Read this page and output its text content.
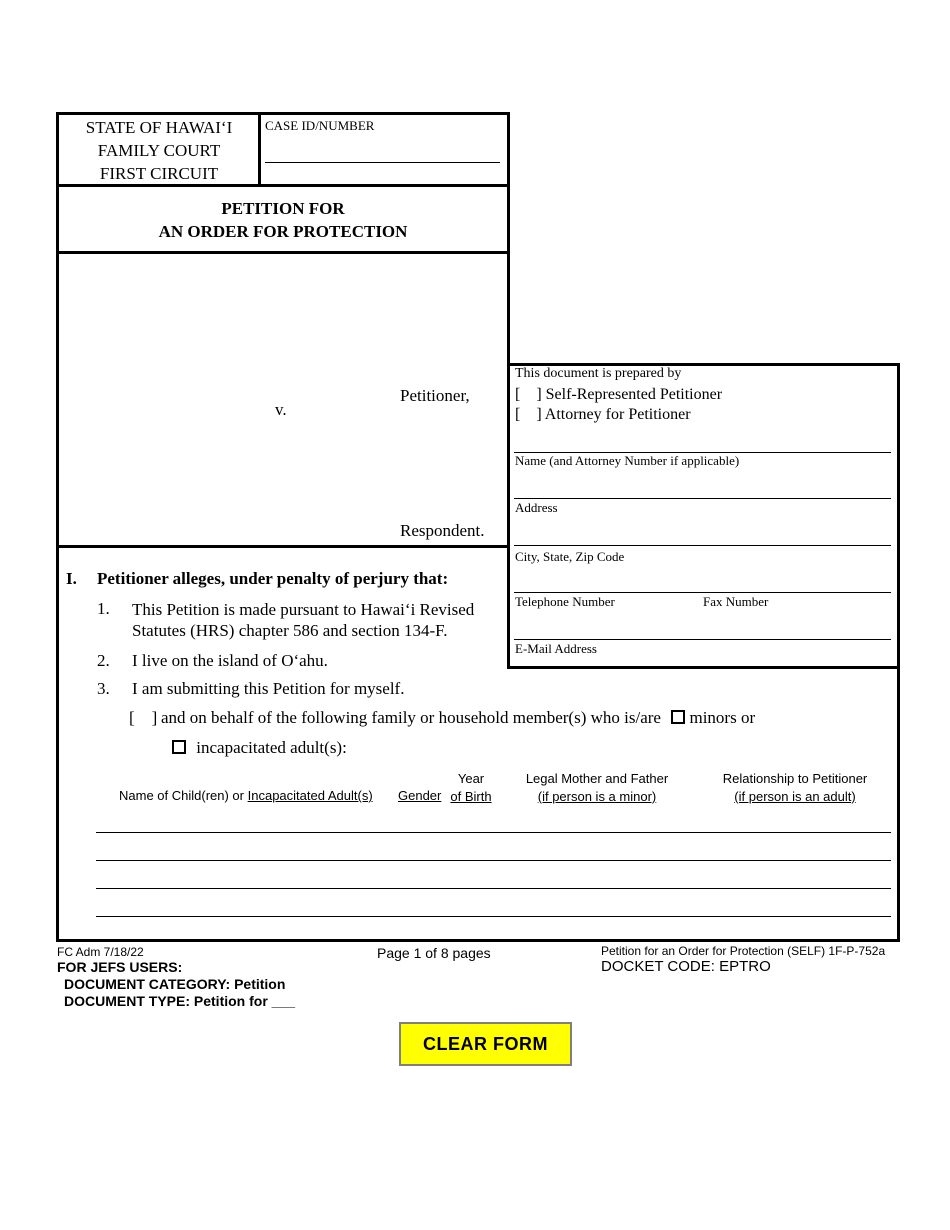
STATE OF HAWAI‘I
FAMILY COURT
FIRST CIRCUIT
CASE ID/NUMBER
PETITION FOR
AN ORDER FOR PROTECTION
Petitioner,
v.
Respondent.
This document is prepared by
[    ] Self-Represented Petitioner
[    ] Attorney for Petitioner
Name (and Attorney Number if applicable)
Address
City, State, Zip Code
Telephone Number	Fax Number
E-Mail Address
I. Petitioner alleges, under penalty of perjury that:
1. This Petition is made pursuant to Hawai‘i Revised
Statutes (HRS) chapter 586 and section 134-F.
2. I live on the island of O‘ahu.
3. I am submitting this Petition for myself.
[    ] and on behalf of the following family or household member(s) who is/are minors or
incapacitated adult(s):
Name of Child(ren) or Incapacitated Adult(s) Gender
Year
of Birth
Legal Mother and Father
(if person is a minor)
Relationship to Petitioner
(if person is an adult)
FC Adm 7/18/22
FOR JEFS USERS:
DOCUMENT CATEGORY: Petition
DOCUMENT TYPE: Petition for ___
Page 1 of 8 pages	Petition for an Order for Protection (SELF) 1F-P-752a
DOCKET CODE: EPTRO
CLEAR FORM
